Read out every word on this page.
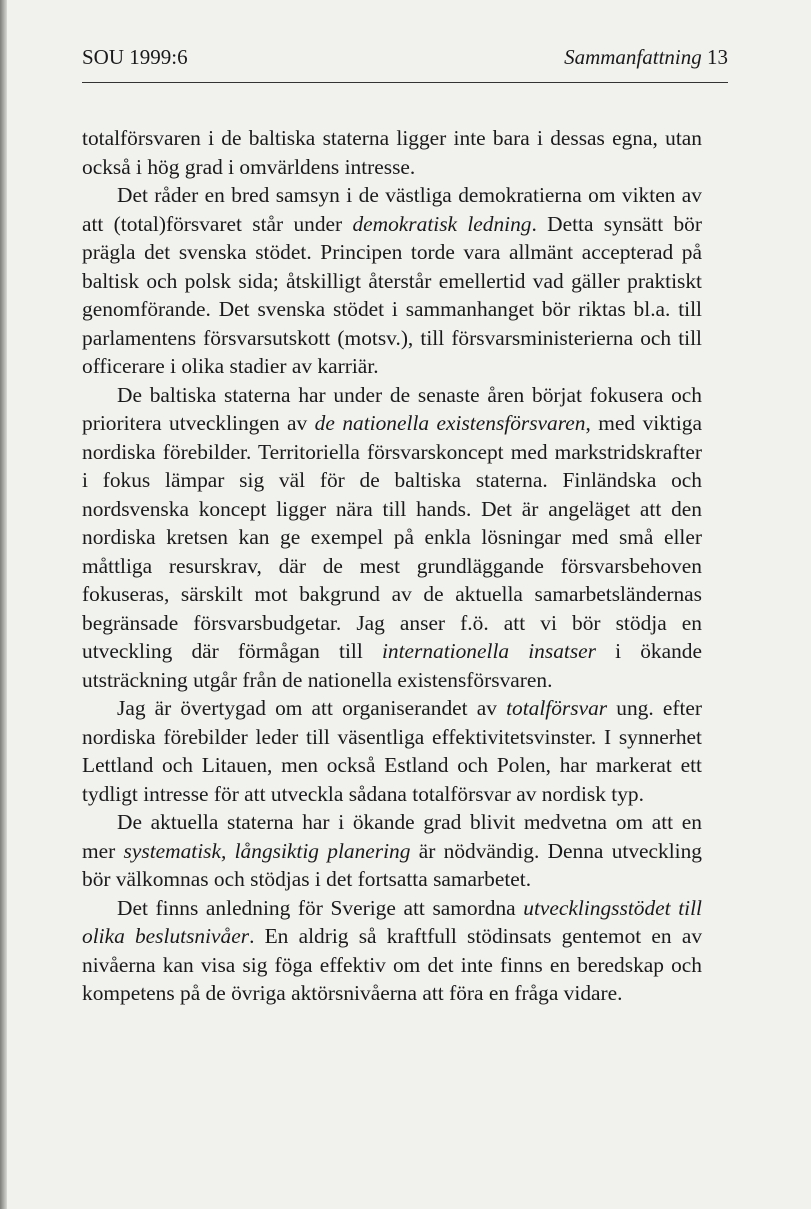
SOU 1999:6	Sammanfattning 13

totalförsvaren i de baltiska staterna ligger inte bara i dessas egna, utan också i hög grad i omvärldens intresse.

Det råder en bred samsyn i de västliga demokratierna om vikten av att (total)försvaret står under demokratisk ledning. Detta synsätt bör prägla det svenska stödet. Principen torde vara allmänt accepterad på baltisk och polsk sida; åtskilligt återstår emellertid vad gäller praktiskt genomförande. Det svenska stödet i sammanhanget bör riktas bl.a. till parlamentens försvarsutskott (motsv.), till försvarsministerierna och till officerare i olika stadier av karriär.

De baltiska staterna har under de senaste åren börjat fokusera och prioritera utvecklingen av de nationella existensförsvaren, med viktiga nordiska förebilder. Territoriella försvarskoncept med markstridskrafter i fokus lämpar sig väl för de baltiska staterna. Finländska och nordsvenska koncept ligger nära till hands. Det är angeläget att den nordiska kretsen kan ge exempel på enkla lösningar med små eller måttliga resurskrav, där de mest grundläggande försvarsbehoven fokuseras, särskilt mot bakgrund av de aktuella samarbetsländernas begränsade försvarsbudgetar. Jag anser f.ö. att vi bör stödja en utveckling där förmågan till internationella insatser i ökande utsträckning utgår från de nationella existensförsvaren.

Jag är övertygad om att organiserandet av totalförsvar ung. efter nordiska förebilder leder till väsentliga effektivitetsvinster. I synnerhet Lettland och Litauen, men också Estland och Polen, har markerat ett tydligt intresse för att utveckla sådana totalförsvar av nordisk typ.

De aktuella staterna har i ökande grad blivit medvetna om att en mer systematisk, långsiktig planering är nödvändig. Denna utveckling bör välkomnas och stödjas i det fortsatta samarbetet.

Det finns anledning för Sverige att samordna utvecklingsstödet till olika beslutsnivåer. En aldrig så kraftfull stödinsats gentemot en av nivåerna kan visa sig föga effektiv om det inte finns en beredskap och kompetens på de övriga aktörsnivåerna att föra en fråga vidare.
